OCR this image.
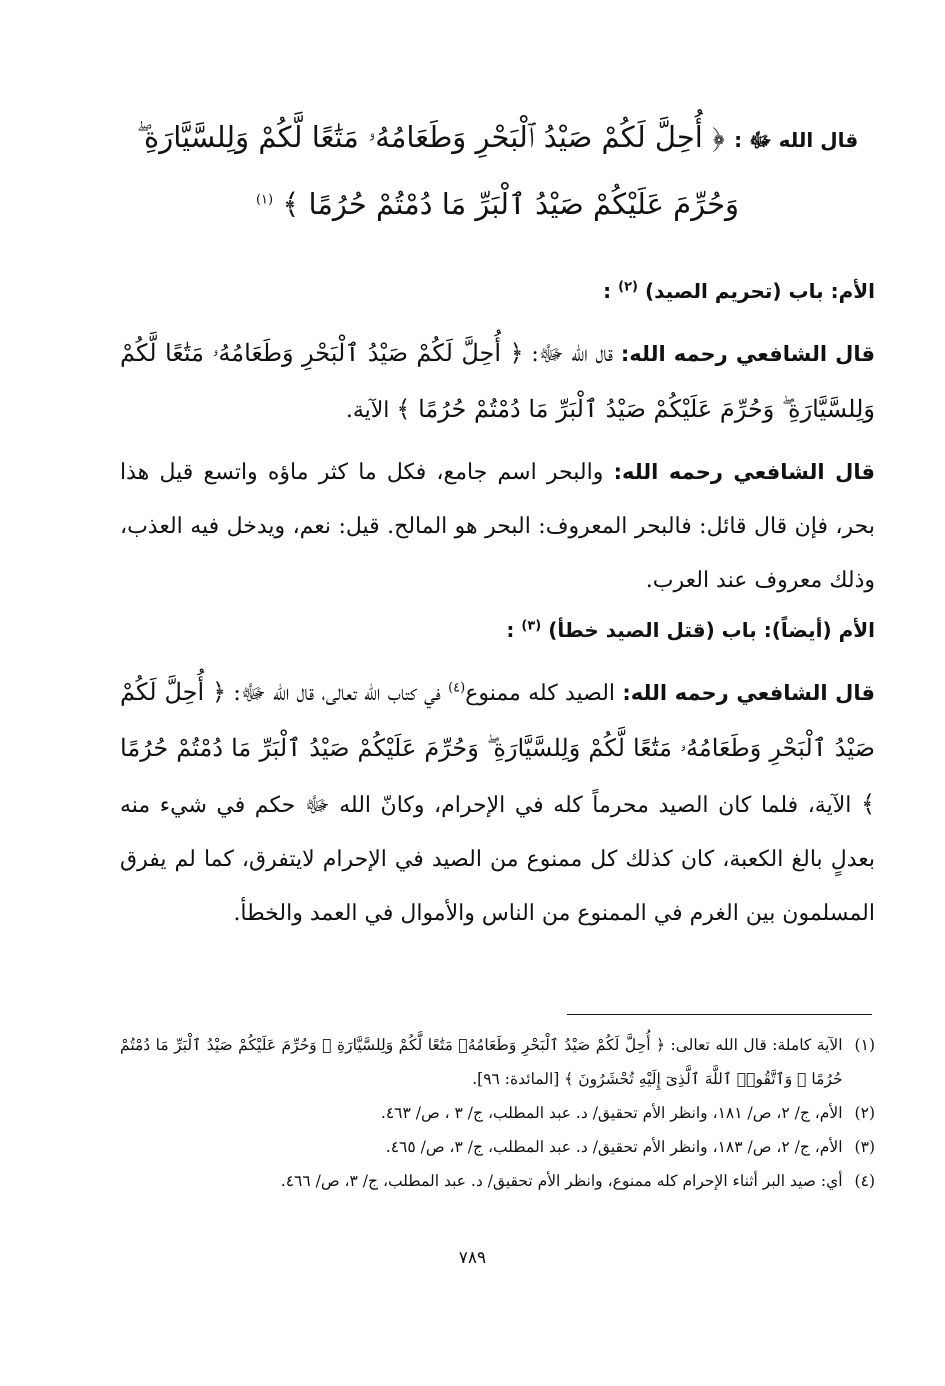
قال الله ﷻ : ﴿ أُحِلَّ لَكُمْ صَيْدُ ٱلْبَحْرِ وَطَعَامُهُۥ مَتَٰعًا لَّكُمْ وَلِلسَّيَّارَةِ ۖ
وَحُرِّمَ عَلَيْكُمْ صَيْدُ ٱلْبَرِّ مَا دُمْتُمْ حُرُمًا ﴾ $^{(١)}$
الأم: باب (تحريم الصيد) $^{(٢)}$ :
قال الشافعي رحمه الله: قال الله ﷻ: ﴿ أُحِلَّ لَكُمْ صَيْدُ ٱلْبَحْرِ وَطَعَامُهُۥ مَتَٰعًا لَّكُمْ وَلِلسَّيَّارَةِ ۖ وَحُرِّمَ عَلَيْكُمْ صَيْدُ ٱلْبَرِّ مَا دُمْتُمْ حُرُمًا ﴾ الآية.
قال الشافعي رحمه الله: والبحر اسم جامع، فكل ما كثر ماؤه واتسع قيل هذا بحر، فإن قال قائل: فالبحر المعروف: البحر هو المالح. قيل: نعم، ويدخل فيه العذب، وذلك معروف عند العرب.
الأم (أيضاً): باب (قتل الصيد خطأ) $^{(٣)}$ :
قال الشافعي رحمه الله: الصيد كله ممنوع$^{(٤)}$ في كتاب الله تعالى، قال الله ﷻ: ﴿ أُحِلَّ لَكُمْ صَيْدُ ٱلْبَحْرِ وَطَعَامُهُۥ مَتَٰعًا لَّكُمْ وَلِلسَّيَّارَةِ ۖ وَحُرِّمَ عَلَيْكُمْ صَيْدُ ٱلْبَرِّ مَا دُمْتُمْ حُرُمًا ﴾ الآية، فلما كان الصيد محرماً كله في الإحرام، وكانّ الله ﷻ حكم في شيء منه بعدلٍ بالغ الكعبة، كان كذلك كل ممنوع من الصيد في الإحرام لايتفرق، كما لم يفرق المسلمون بين الغرم في الممنوع من الناس والأموال في العمد والخطأ.
(١)
الآية كاملة: قال الله تعالى: ﴿ أُحِلَّ لَكُمْ صَيْدُ ٱلْبَحْرِ وَطَعَامُهُۥ مَتَٰعًا لَّكُمْ وَلِلسَّيَّارَةِ ۖ وَحُرِّمَ عَلَيْكُمْ صَيْدُ ٱلْبَرِّ مَا دُمْتُمْ حُرُمًا ۗ وَٱتَّقُوا۟ ٱللَّهَ ٱلَّذِىٓ إِلَيْهِ تُحْشَرُونَ ﴾ [المائدة: ٩٦].
(٢)
الأم، ج/ ٢، ص/ ١٨١، وانظر الأم تحقيق/ د. عبد المطلب، ج/ ٣ ، ص/ ٤٦٣.
(٣)
الأم، ج/ ٢، ص/ ١٨٣، وانظر الأم تحقيق/ د. عبد المطلب، ج/ ٣، ص/ ٤٦٥.
(٤)
أي: صيد البر أثناء الإحرام كله ممنوع، وانظر الأم تحقيق/ د. عبد المطلب، ج/ ٣، ص/ ٤٦٦.
٧٨٩
